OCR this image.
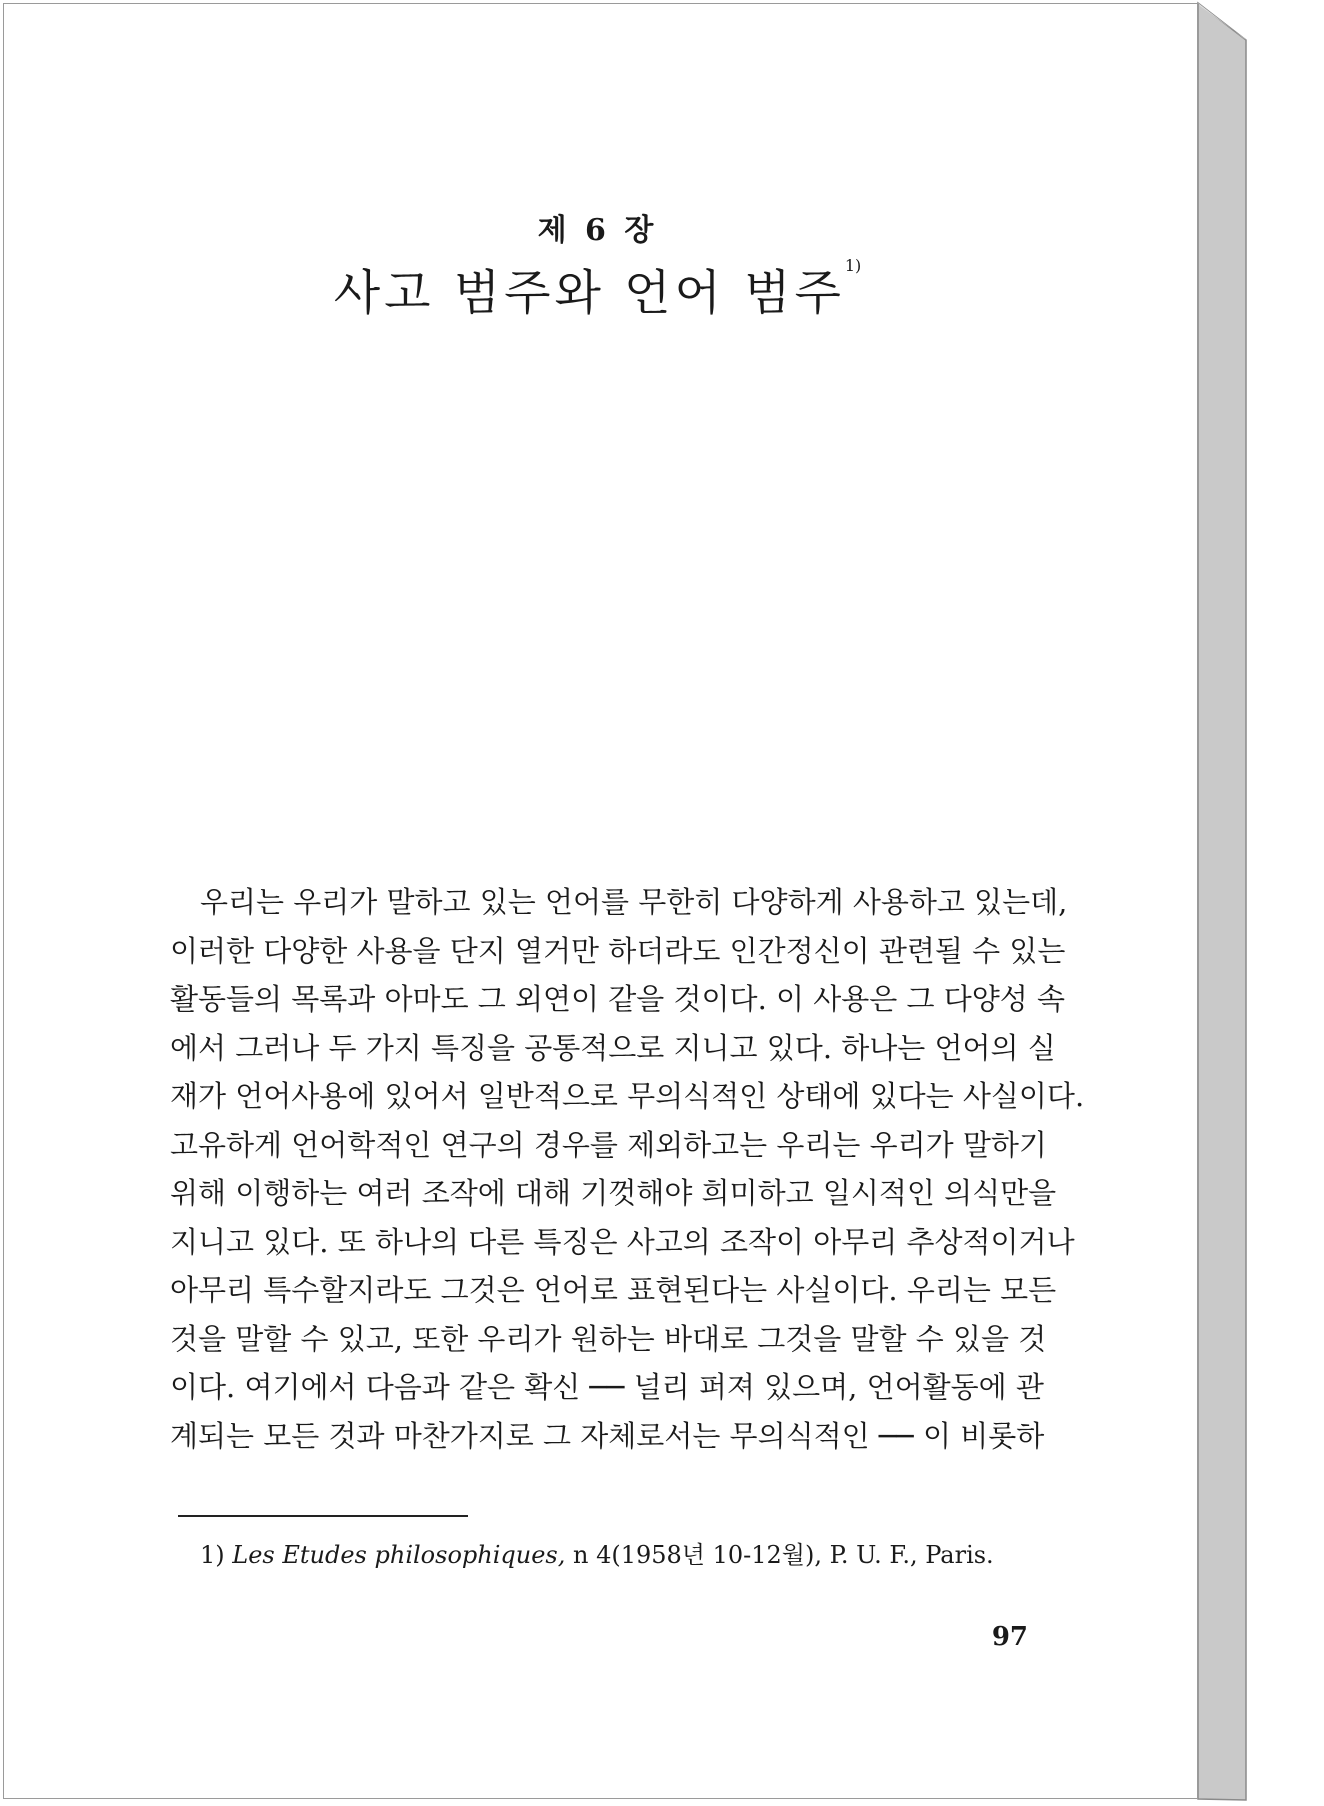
제 6 장
사고 범주와 언어 범주$^{1)}$
우리는 우리가 말하고 있는 언어를 무한히 다양하게 사용하고 있는데,
이러한 다양한 사용을 단지 열거만 하더라도 인간정신이 관련될 수 있는
활동들의 목록과 아마도 그 외연이 같을 것이다. 이 사용은 그 다양성 속
에서 그러나 두 가지 특징을 공통적으로 지니고 있다. 하나는 언어의 실
재가 언어사용에 있어서 일반적으로 무의식적인 상태에 있다는 사실이다.
고유하게 언어학적인 연구의 경우를 제외하고는 우리는 우리가 말하기
위해 이행하는 여러 조작에 대해 기껏해야 희미하고 일시적인 의식만을
지니고 있다. 또 하나의 다른 특징은 사고의 조작이 아무리 추상적이거나
아무리 특수할지라도 그것은 언어로 표현된다는 사실이다. 우리는 모든
것을 말할 수 있고, 또한 우리가 원하는 바대로 그것을 말할 수 있을 것
이다. 여기에서 다음과 같은 확신 ── 널리 퍼져 있으며, 언어활동에 관
계되는 모든 것과 마찬가지로 그 자체로서는 무의식적인 ── 이 비롯하
1) Les Etudes philosophiques, n 4(1958년 10-12월), P. U. F., Paris.
97
